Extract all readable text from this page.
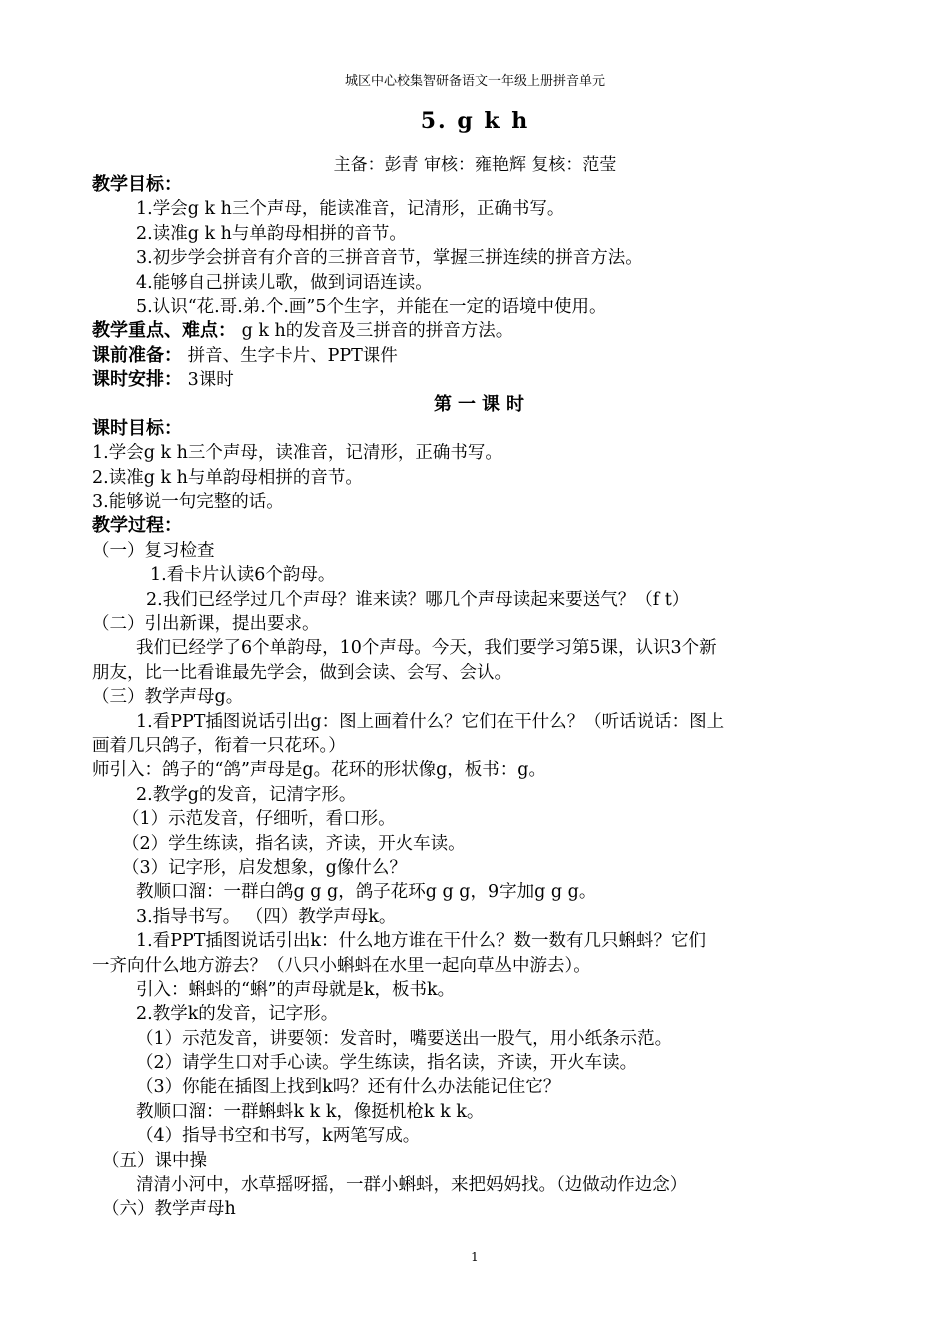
城区中心校集智研备语文一年级上册拼音单元
5. g k h
主备：彭青 审核：雍艳辉 复核：范莹
教学目标：
1.学会g k h三个声母，能读准音，记清形，正确书写。
2.读准g k h与单韵母相拼的音节。
3.初步学会拼音有介音的三拼音音节，掌握三拼连续的拼音方法。
4.能够自己拼读儿歌，做到词语连读。
5.认识“花.哥.弟.个.画”5个生字，并能在一定的语境中使用。
教学重点、难点： g k h的发音及三拼音的拼音方法。
课前准备： 拼音、生字卡片、PPT课件
课时安排： 3课时
第一课时
课时目标：
1.学会g k h三个声母，读准音，记清形，正确书写。
2.读准g k h与单韵母相拼的音节。
3.能够说一句完整的话。
教学过程：
（一）复习检查
1.看卡片认读6个韵母。
2.我们已经学过几个声母？谁来读？哪几个声母读起来要送气？（f t）
（二）引出新课，提出要求。
我们已经学了6个单韵母，10个声母。今天，我们要学习第5课，认识3个新
朋友，比一比看谁最先学会，做到会读、会写、会认。
（三）教学声母g。
1.看PPT插图说话引出g：图上画着什么？它们在干什么？（听话说话：图上
画着几只鸽子，衔着一只花环。）
师引入：鸽子的“鸽”声母是g。花环的形状像g，板书：g。
2.教学g的发音，记清字形。
（1）示范发音，仔细听，看口形。
（2）学生练读，指名读，齐读，开火车读。
（3）记字形，启发想象，g像什么？
教顺口溜：一群白鸽g g g，鸽子花环g g g，9字加g g g。
3.指导书写。 （四）教学声母k。
1.看PPT插图说话引出k：什么地方谁在干什么？数一数有几只蝌蚪？它们
一齐向什么地方游去？（八只小蝌蚪在水里一起向草丛中游去）。
引入：蝌蚪的“蝌”的声母就是k，板书k。
2.教学k的发音，记字形。
（1）示范发音，讲要领：发音时，嘴要送出一股气，用小纸条示范。
（2）请学生口对手心读。学生练读，指名读，齐读，开火车读。
（3）你能在插图上找到k吗？还有什么办法能记住它？
教顺口溜：一群蝌蚪k k k，像挺机枪k k k。
（4）指导书空和书写，k两笔写成。
（五）课中操
清清小河中，水草摇呀摇，一群小蝌蚪，来把妈妈找。（边做动作边念）
（六）教学声母h
1
